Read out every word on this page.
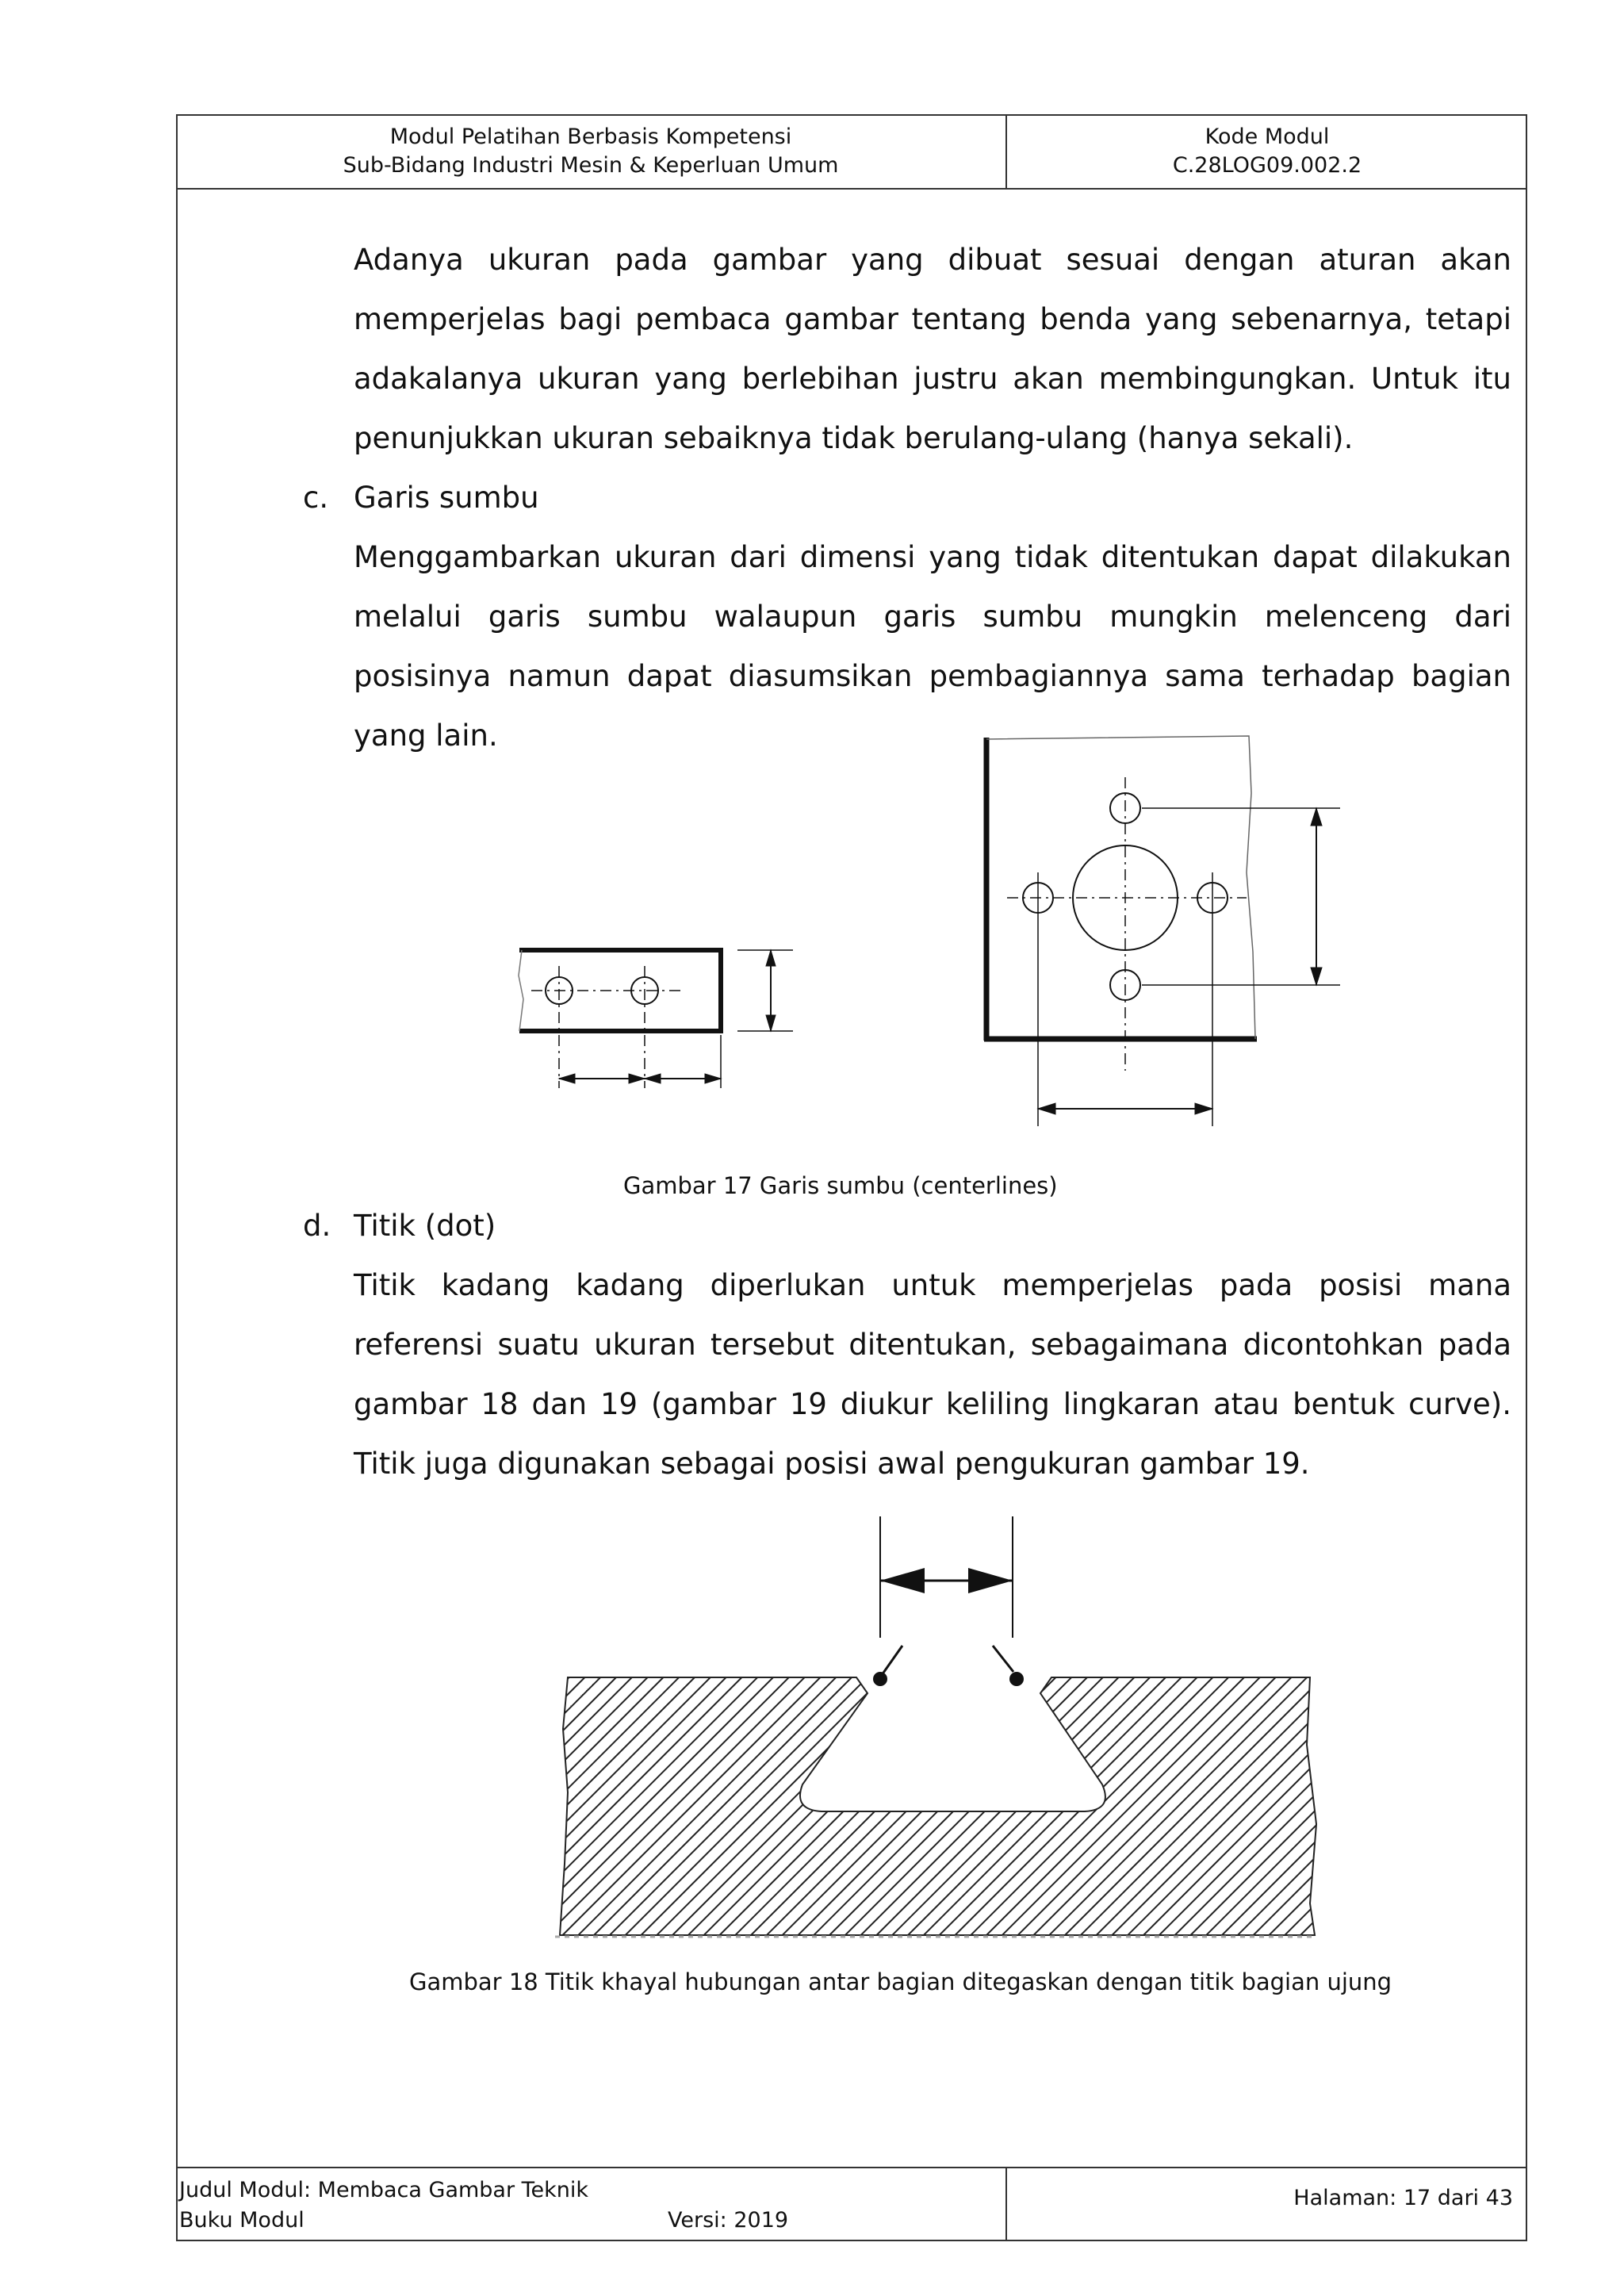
Modul Pelatihan Berbasis Kompetensi
Sub-Bidang Industri Mesin & Keperluan Umum
Kode Modul
C.28LOG09.002.2
Adanya ukuran pada gambar yang dibuat sesuai dengan aturan akan memperjelas bagi pembaca gambar tentang benda yang sebenarnya, tetapi adakalanya ukuran yang berlebihan justru akan membingungkan. Untuk itu penunjukkan ukuran sebaiknya tidak berulang-ulang (hanya sekali).
c. Garis sumbu
Menggambarkan ukuran dari dimensi yang tidak ditentukan dapat dilakukan melalui garis sumbu walaupun garis sumbu mungkin melenceng dari posisinya namun dapat diasumsikan pembagiannya sama terhadap bagian yang lain.
Gambar 17 Garis sumbu (centerlines)
d. Titik (dot)
Titik kadang kadang diperlukan untuk memperjelas pada posisi mana referensi suatu ukuran tersebut ditentukan, sebagaimana dicontohkan pada gambar 18 dan 19 (gambar 19 diukur keliling lingkaran atau bentuk curve). Titik juga digunakan sebagai posisi awal pengukuran gambar 19.
Gambar 18 Titik khayal hubungan antar bagian ditegaskan dengan titik bagian ujung
Judul Modul: Membaca Gambar Teknik
Buku Modul	Versi: 2019
Halaman: 17 dari 43
